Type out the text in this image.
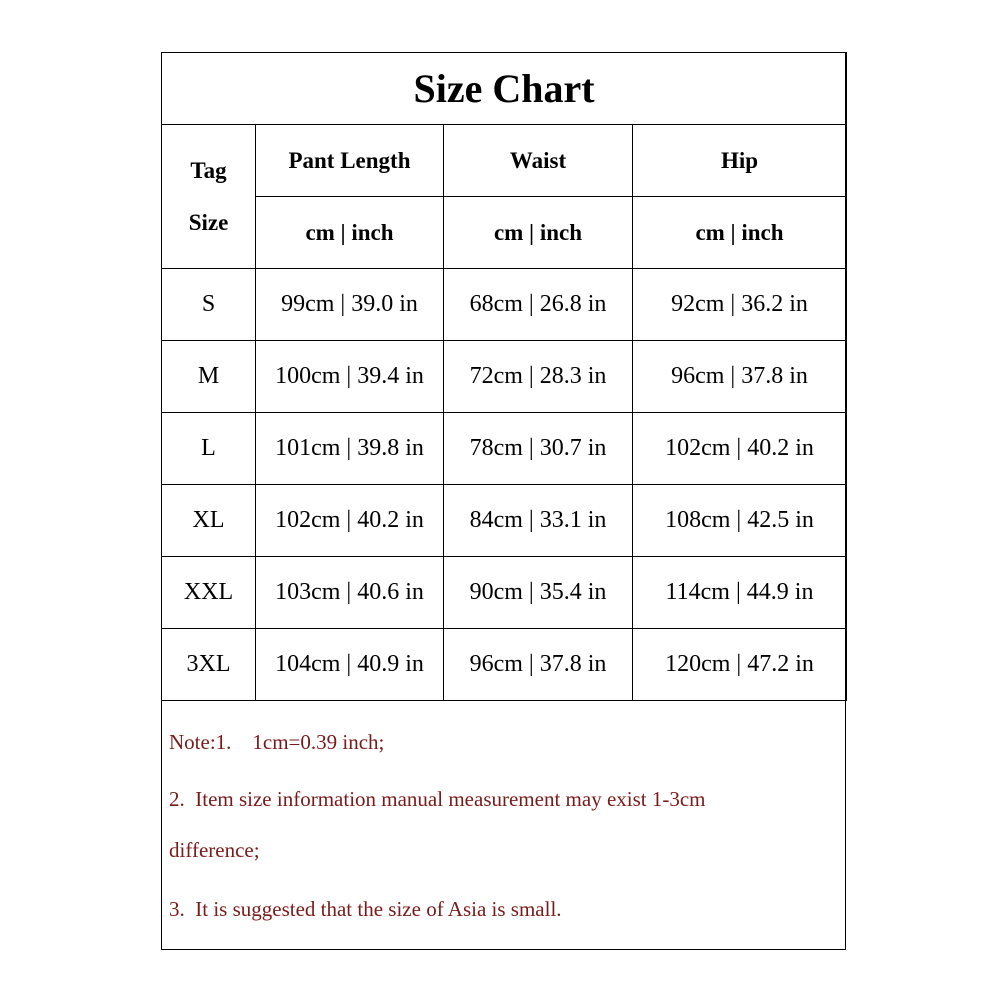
Size Chart			
Tag
Size	Pant Length	Waist	Hip
	cm | inch	cm | inch	cm | inch
S	99cm | 39.0 in	68cm | 26.8 in	92cm | 36.2 in
M	100cm | 39.4 in	72cm | 28.3 in	96cm | 37.8 in
L	101cm | 39.8 in	78cm | 30.7 in	102cm | 40.2 in
XL	102cm | 40.2 in	84cm | 33.1 in	108cm | 42.5 in
XXL	103cm | 40.6 in	90cm | 35.4 in	114cm | 44.9 in
3XL	104cm | 40.9 in	96cm | 37.8 in	120cm | 47.2 in
Note:1.    1cm=0.39 inch;
2.  Item size information manual measurement may exist 1-3cm
difference;
3.  It is suggested that the size of Asia is small.
